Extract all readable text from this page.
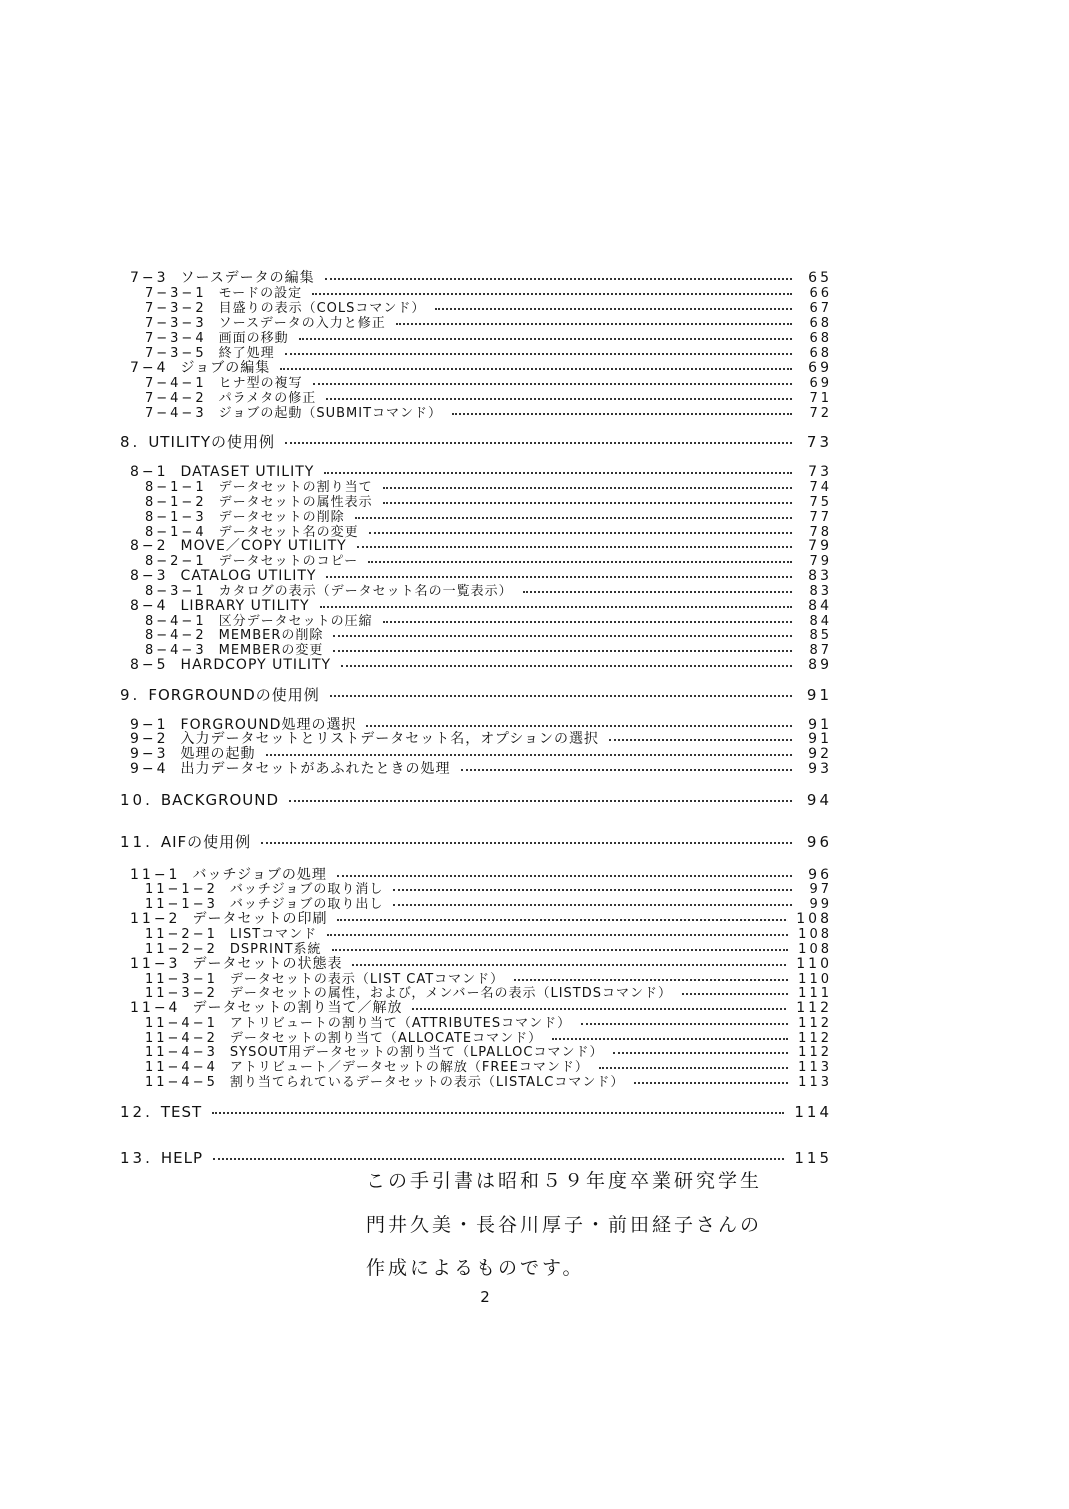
7−3 ソースデータの編集	65
7−3−1 モードの設定	66
7−3−2 目盛りの表示（COLSコマンド）	67
7−3−3 ソースデータの入力と修正	68
7−3−4 画面の移動	68
7−3−5 終了処理	68
7−4 ジョブの編集	69
7−4−1 ヒナ型の複写	69
7−4−2 パラメタの修正	71
7−4−3 ジョブの起動（SUBMITコマンド）	72
8. UTILITYの使用例	73
8−1 DATASET UTILITY	73
8−1−1 データセットの割り当て	74
8−1−2 データセットの属性表示	75
8−1−3 データセットの削除	77
8−1−4 データセット名の変更	78
8−2 MOVE／COPY UTILITY	79
8−2−1 データセットのコピー	79
8−3 CATALOG UTILITY	83
8−3−1 カタログの表示（データセット名の一覧表示）	83
8−4 LIBRARY UTILITY	84
8−4−1 区分データセットの圧縮	84
8−4−2 MEMBERの削除	85
8−4−3 MEMBERの変更	87
8−5 HARDCOPY UTILITY	89
9. FORGROUNDの使用例	91
9−1 FORGROUND処理の選択	91
9−2 入力データセットとリストデータセット名，オプションの選択	91
9−3 処理の起動	92
9−4 出力データセットがあふれたときの処理	93
10. BACKGROUND	94
11. AIFの使用例	96
11−1 バッチジョブの処理	96
11−1−2 バッチジョブの取り消し	97
11−1−3 バッチジョブの取り出し	99
11−2 データセットの印刷	108
11−2−1 LISTコマンド	108
11−2−2 DSPRINT系統	108
11−3 データセットの状態表	110
11−3−1 データセットの表示（LIST CATコマンド）	110
11−3−2 データセットの属性，および，メンバー名の表示（LISTDSコマンド）	111
11−4 データセットの割り当て／解放	112
11−4−1 アトリビュートの割り当て（ATTRIBUTESコマンド）	112
11−4−2 データセットの割り当て（ALLOCATEコマンド）	112
11−4−3 SYSOUT用データセットの割り当て（LPALLOCコマンド）	112
11−4−4 アトリビュート／データセットの解放（FREEコマンド）	113
11−4−5 割り当てられているデータセットの表示（LISTALCコマンド）	113
12. TEST	114
13. HELP	115
この手引書は昭和５９年度卒業研究学生
門井久美・長谷川厚子・前田経子さんの
作成によるものです。
2
